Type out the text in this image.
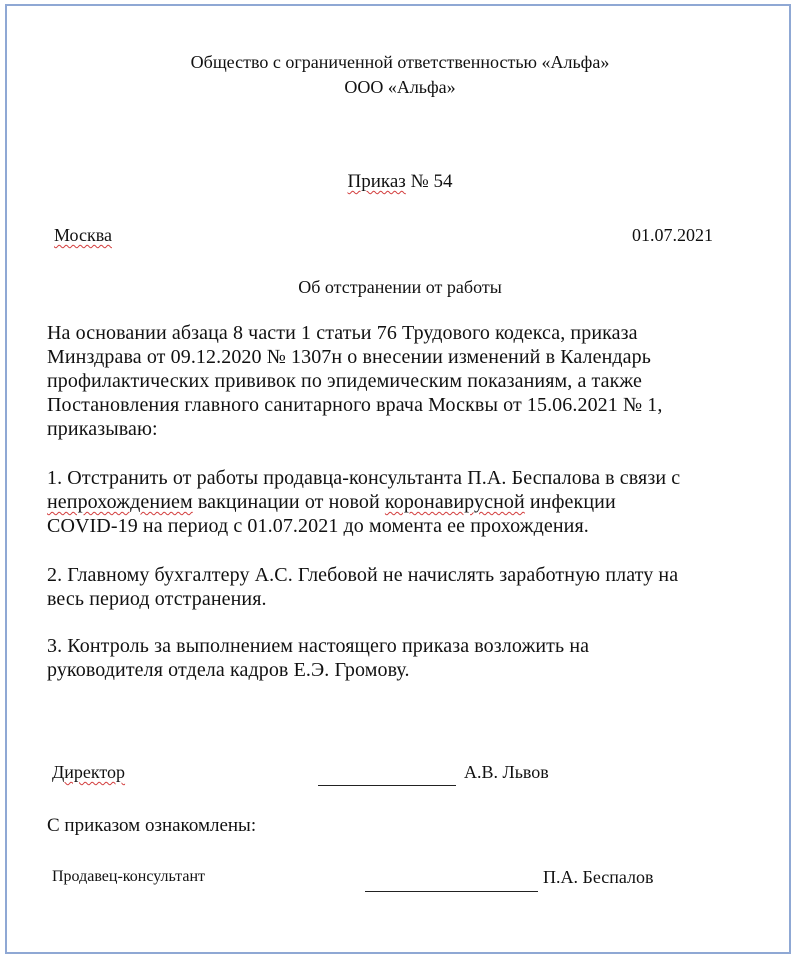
Общество с ограниченной ответственностью «Альфа»
ООО «Альфа»
Приказ № 54
Москва	01.07.2021
Об отстранении от работы
На основании абзаца 8 части 1 статьи 76 Трудового кодекса, приказа
Минздрава от 09.12.2020 № 1307н о внесении изменений в Календарь
профилактических прививок по эпидемическим показаниям, а также
Постановления главного санитарного врача Москвы от 15.06.2021 № 1,
приказываю:
1. Отстранить от работы продавца-консультанта П.А. Беспалова в связи с
непрохождением вакцинации от новой коронавирусной инфекции
COVID-19 на период с 01.07.2021 до момента ее прохождения.
2. Главному бухгалтеру А.С. Глебовой не начислять заработную плату на
весь период отстранения.
3. Контроль за выполнением настоящего приказа возложить на
руководителя отдела кадров Е.Э. Громову.
Директор	А.В. Львов
С приказом ознакомлены:
Продавец-консультант	П.А. Беспалов
